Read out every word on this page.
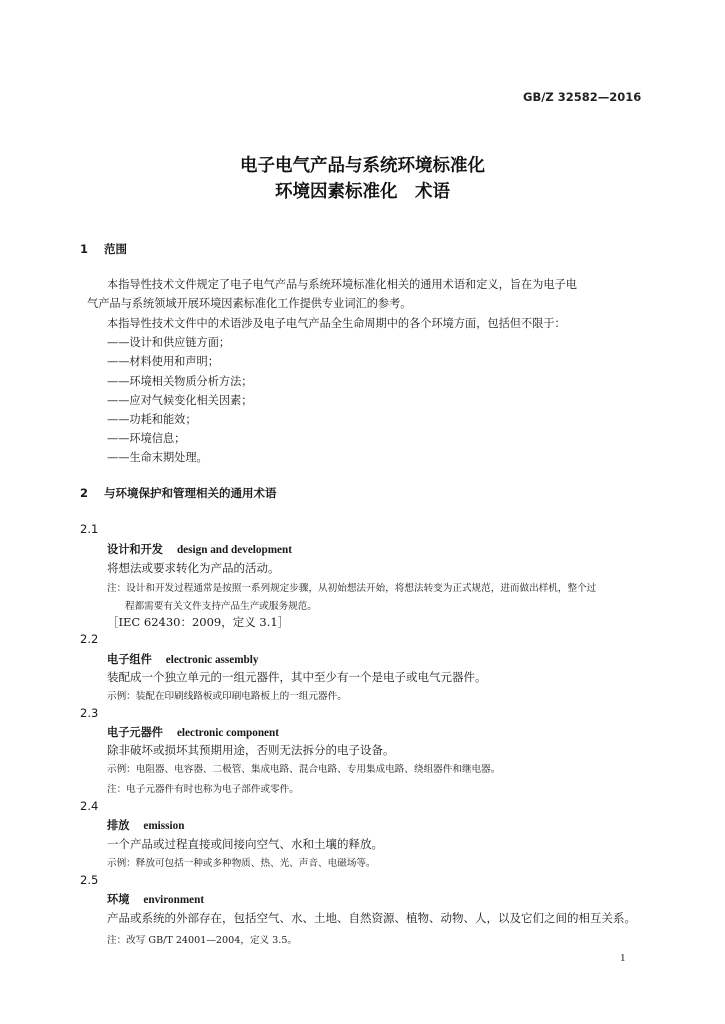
GB/Z 32582—2016
电子电气产品与系统环境标准化
环境因素标准化　术语
1 范围
本指导性技术文件规定了电子电气产品与系统环境标准化相关的通用术语和定义，旨在为电子电
气产品与系统领域开展环境因素标准化工作提供专业词汇的参考。
本指导性技术文件中的术语涉及电子电气产品全生命周期中的各个环境方面，包括但不限于：
——设计和供应链方面；
——材料使用和声明；
——环境相关物质分析方法；
——应对气候变化相关因素；
——功耗和能效；
——环境信息；
——生命末期处理。
2 与环境保护和管理相关的通用术语
2.1
设计和开发 design and development
将想法或要求转化为产品的活动。
注：设计和开发过程通常是按照一系列规定步骤，从初始想法开始，将想法转变为正式规范，进而做出样机，整个过
程都需要有关文件支持产品生产或服务规范。
［IEC 62430：2009，定义 3.1］
2.2
电子组件 electronic assembly
装配成一个独立单元的一组元器件，其中至少有一个是电子或电气元器件。
示例：装配在印刷线路板或印刷电路板上的一组元器件。
2.3
电子元器件 electronic component
除非破坏或损坏其预期用途，否则无法拆分的电子设备。
示例：电阻器、电容器、二极管、集成电路、混合电路、专用集成电路、绕组器件和继电器。
注：电子元器件有时也称为电子部件或零件。
2.4
排放 emission
一个产品或过程直接或间接向空气、水和土壤的释放。
示例：释放可包括一种或多种物质、热、光、声音、电磁场等。
2.5
环境 environment
产品或系统的外部存在，包括空气、水、土地、自然资源、植物、动物、人，以及它们之间的相互关系。
注：改写 GB/T 24001—2004，定义 3.5。
1
